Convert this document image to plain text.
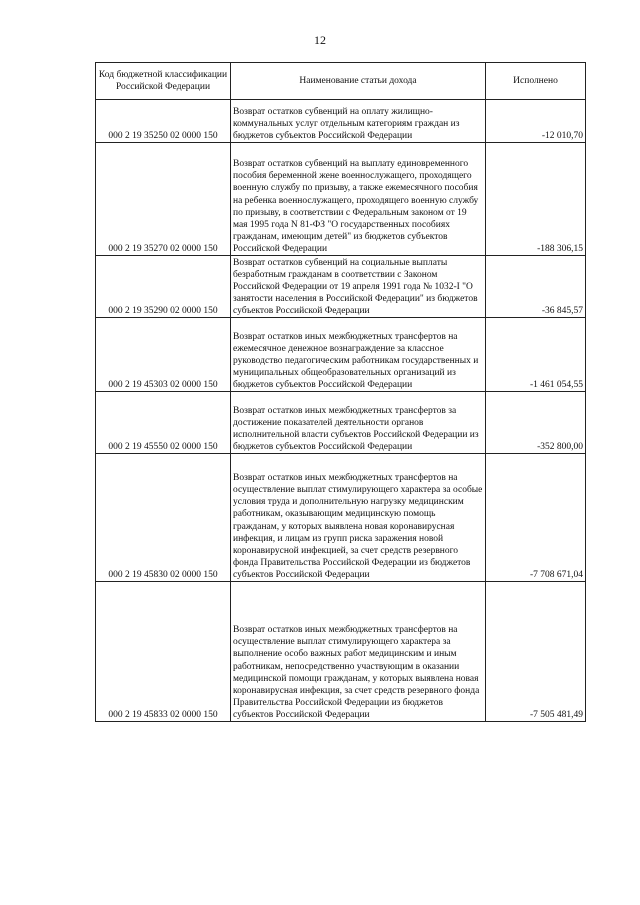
12
Код бюджетной классификации Российской Федерации	Наименование статьи дохода	Исполнено
000 2 19 35250 02 0000 150	Возврат остатков субвенций на оплату жилищно-коммунальных услуг отдельным категориям граждан из бюджетов субъектов Российской Федерации	-12 010,70
000 2 19 35270 02 0000 150	Возврат остатков субвенций на выплату единовременного пособия беременной жене военнослужащего, проходящего военную службу по призыву, а также ежемесячного пособия на ребенка военнослужащего, проходящего военную службу по призыву, в соответствии с Федеральным законом от 19 мая 1995 года N 81-ФЗ "О государственных пособиях гражданам, имеющим детей" из бюджетов субъектов Российской Федерации	-188 306,15
000 2 19 35290 02 0000 150	Возврат остатков субвенций на социальные выплаты безработным гражданам в соответствии с Законом Российской Федерации от 19 апреля 1991 года № 1032-I "О занятости населения в Российской Федерации" из бюджетов субъектов Российской Федерации	-36 845,57
000 2 19 45303 02 0000 150	Возврат остатков иных межбюджетных трансфертов на ежемесячное денежное вознаграждение за классное руководство педагогическим работникам государственных и муниципальных общеобразовательных организаций из бюджетов субъектов Российской Федерации	-1 461 054,55
000 2 19 45550 02 0000 150	Возврат остатков иных межбюджетных трансфертов за достижение показателей деятельности органов исполнительной власти субъектов Российской Федерации из бюджетов субъектов Российской Федерации	-352 800,00
000 2 19 45830 02 0000 150	Возврат остатков иных межбюджетных трансфертов на осуществление выплат стимулирующего характера за особые условия труда и дополнительную нагрузку медицинским работникам, оказывающим медицинскую помощь гражданам, у которых выявлена новая коронавирусная инфекция, и лицам из групп риска заражения новой коронавирусной инфекцией, за счет средств резервного фонда Правительства Российской Федерации из бюджетов субъектов Российской Федерации	-7 708 671,04
000 2 19 45833 02 0000 150	Возврат остатков иных межбюджетных трансфертов на осуществление выплат стимулирующего характера за выполнение особо важных работ медицинским и иным работникам, непосредственно участвующим в оказании медицинской помощи гражданам, у которых выявлена новая коронавирусная инфекция, за счет средств резервного фонда Правительства Российской Федерации из бюджетов субъектов Российской Федерации	-7 505 481,49
